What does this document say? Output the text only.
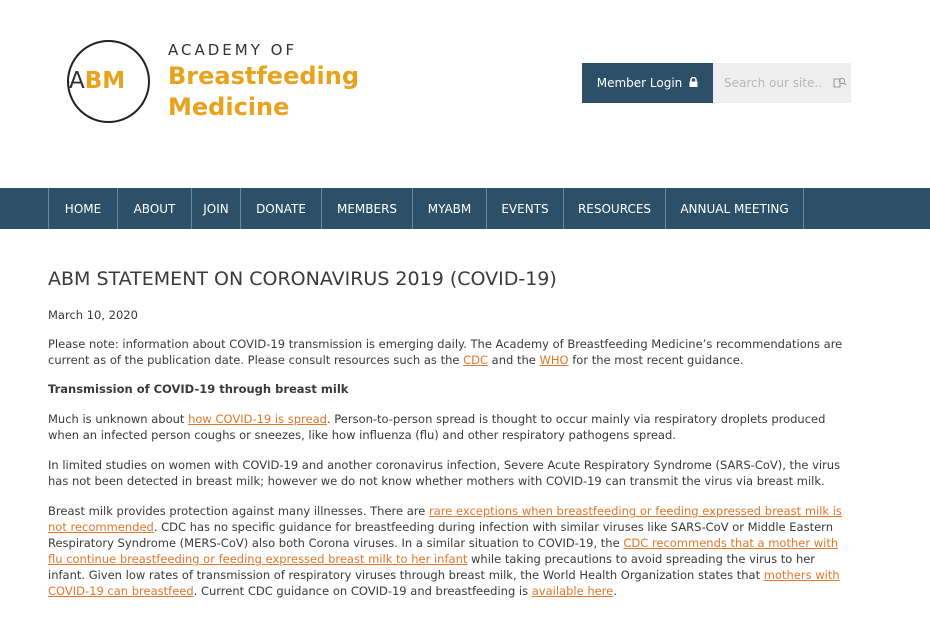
ABM
ACADEMY OF
Breastfeeding
Medicine
Member Login
Search our site...
HOME	ABOUT	JOIN	DONATE	MEMBERS	MYABM	EVENTS	RESOURCES	ANNUAL MEETING
ABM STATEMENT ON CORONAVIRUS 2019 (COVID-19)

March 10, 2020

Please note: information about COVID-19 transmission is emerging daily. The Academy of Breastfeeding Medicine’s recommendations are current as of the publication date. Please consult resources such as the CDC and the WHO for the most recent guidance.

Transmission of COVID-19 through breast milk

Much is unknown about how COVID-19 is spread. Person-to-person spread is thought to occur mainly via respiratory droplets produced when an infected person coughs or sneezes, like how influenza (flu) and other respiratory pathogens spread.

In limited studies on women with COVID-19 and another coronavirus infection, Severe Acute Respiratory Syndrome (SARS-CoV), the virus has not been detected in breast milk; however we do not know whether mothers with COVID-19 can transmit the virus via breast milk.

Breast milk provides protection against many illnesses. There are rare exceptions when breastfeeding or feeding expressed breast milk is not recommended. CDC has no specific guidance for breastfeeding during infection with similar viruses like SARS-CoV or Middle Eastern Respiratory Syndrome (MERS-CoV) also both Corona viruses. In a similar situation to COVID-19, the CDC recommends that a mother with flu continue breastfeeding or feeding expressed breast milk to her infant while taking precautions to avoid spreading the virus to her infant. Given low rates of transmission of respiratory viruses through breast milk, the World Health Organization states that mothers with COVID-19 can breastfeed. Current CDC guidance on COVID-19 and breastfeeding is available here.
